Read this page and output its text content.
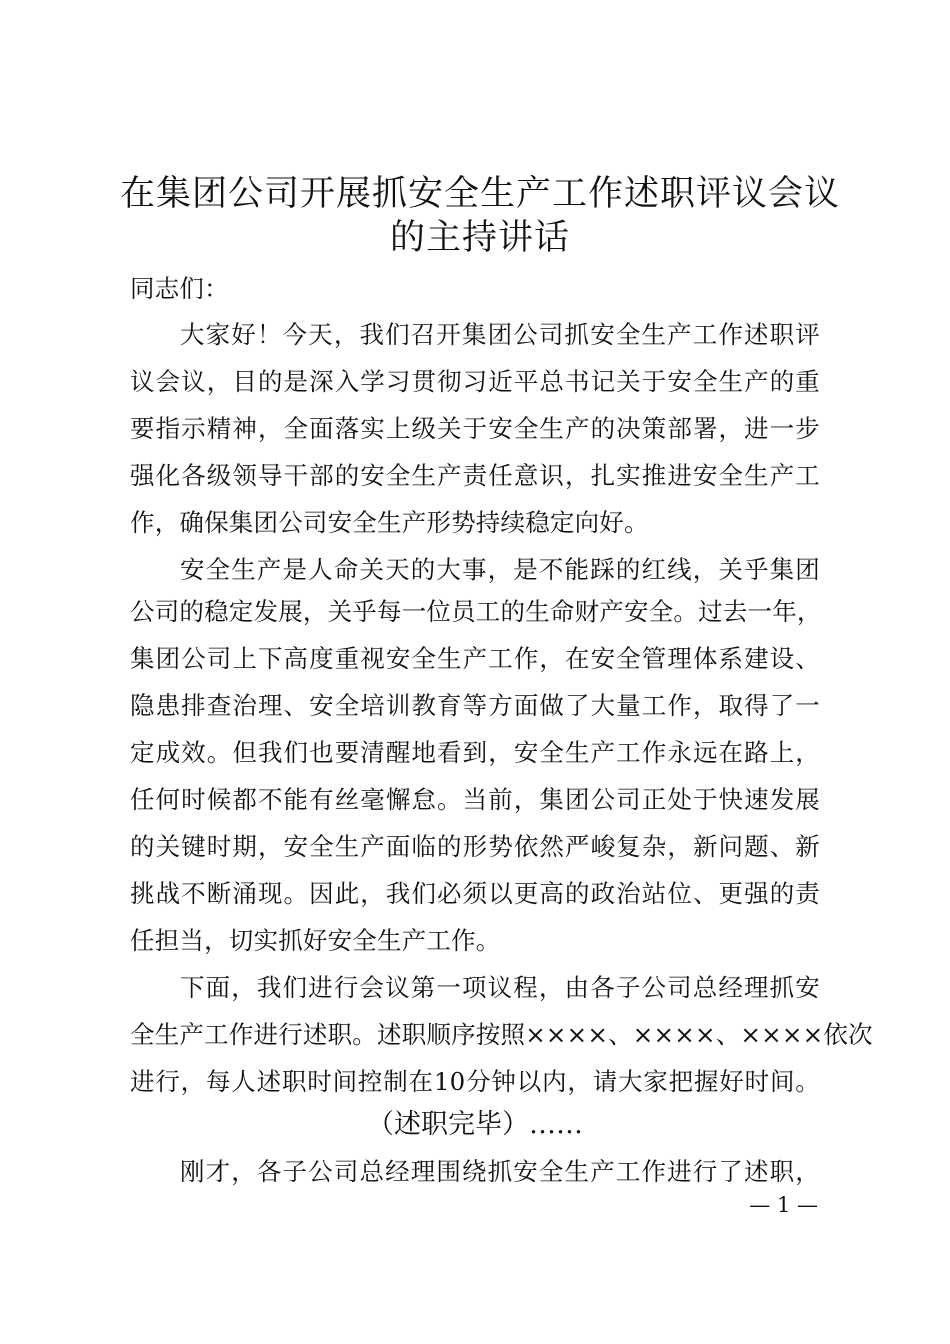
在集团公司开展抓安全生产工作述职评议会议
的主持讲话
同志们：
大家好！今天，我们召开集团公司抓安全生产工作述职评
议会议，目的是深入学习贯彻习近平总书记关于安全生产的重
要指示精神，全面落实上级关于安全生产的决策部署，进一步
强化各级领导干部的安全生产责任意识，扎实推进安全生产工
作，确保集团公司安全生产形势持续稳定向好。
安全生产是人命关天的大事，是不能踩的红线，关乎集团
公司的稳定发展，关乎每一位员工的生命财产安全。过去一年，
集团公司上下高度重视安全生产工作，在安全管理体系建设、
隐患排查治理、安全培训教育等方面做了大量工作，取得了一
定成效。但我们也要清醒地看到，安全生产工作永远在路上，
任何时候都不能有丝毫懈怠。当前，集团公司正处于快速发展
的关键时期，安全生产面临的形势依然严峻复杂，新问题、新
挑战不断涌现。因此，我们必须以更高的政治站位、更强的责
任担当，切实抓好安全生产工作。
下面，我们进行会议第一项议程，由各子公司总经理抓安
全生产工作进行述职。述职顺序按照××××、××××、××××依次
进行，每人述职时间控制在10分钟以内，请大家把握好时间。
（述职完毕）……
刚才，各子公司总经理围绕抓安全生产工作进行了述职，
— 1 —
